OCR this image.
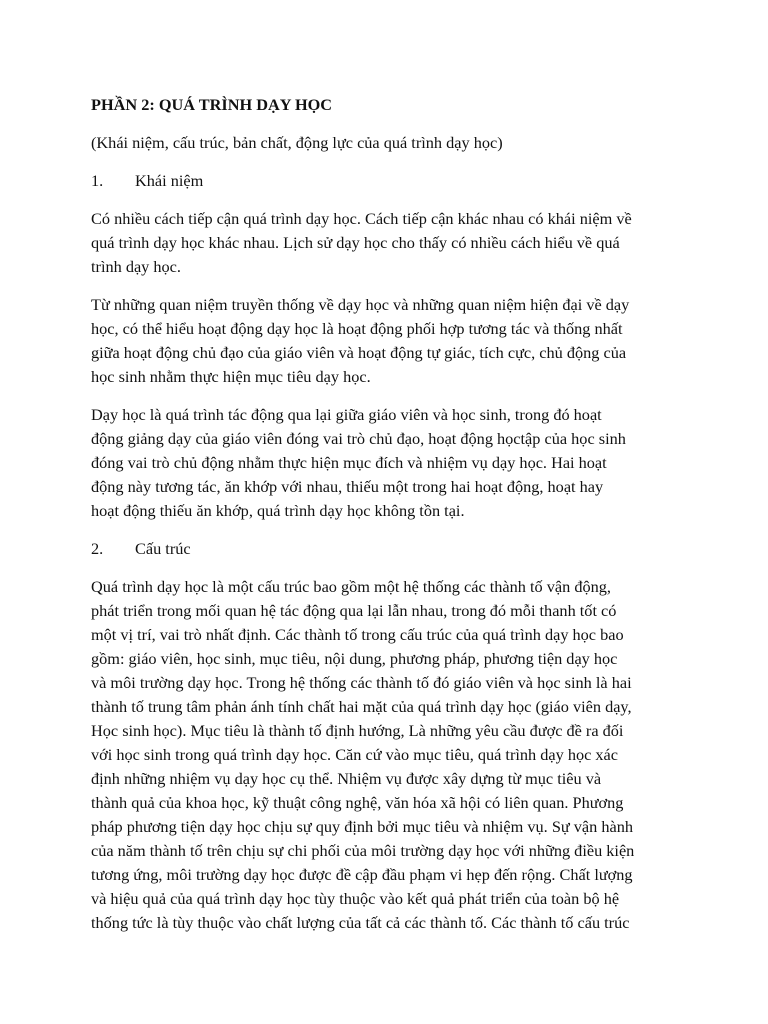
PHẦN 2: QUÁ TRÌNH DẠY HỌC
(Khái niệm, cấu trúc, bản chất, động lực của quá trình dạy học)
1.	Khái niệm
Có nhiều cách tiếp cận quá trình dạy học. Cách tiếp cận khác nhau có khái niệm về
quá trình dạy học khác nhau. Lịch sử dạy học cho thấy có nhiều cách hiểu về quá
trình dạy học.
Từ những quan niệm truyền thống về dạy học và những quan niệm hiện đại về dạy
học, có thể hiểu hoạt động dạy học là hoạt động phối hợp tương tác và thống nhất
giữa hoạt động chủ đạo của giáo viên và hoạt động tự giác, tích cực, chủ động của
học sinh nhằm thực hiện mục tiêu dạy học.
Dạy học là quá trình tác động qua lại giữa giáo viên và học sinh, trong đó hoạt
động giảng dạy của giáo viên đóng vai trò chủ đạo, hoạt động họctập của học sinh
đóng vai trò chủ động nhằm thực hiện mục đích và nhiệm vụ dạy học. Hai hoạt
động này tương tác, ăn khớp với nhau, thiếu một trong hai hoạt động, hoạt hay
hoạt động thiếu ăn khớp, quá trình dạy học không tồn tại.
2.	Cấu trúc
Quá trình dạy học là một cấu trúc bao gồm một hệ thống các thành tố vận động,
phát triển trong mối quan hệ tác động qua lại lẫn nhau, trong đó mỗi thanh tốt có
một vị trí, vai trò nhất định. Các thành tố trong cấu trúc của quá trình dạy học bao
gồm: giáo viên, học sinh, mục tiêu, nội dung, phương pháp, phương tiện dạy học
và môi trường dạy học. Trong hệ thống các thành tố đó giáo viên và học sinh là hai
thành tố trung tâm phản ánh tính chất hai mặt của quá trình dạy học (giáo viên dạy,
Học sinh học). Mục tiêu là thành tố định hướng, Là những yêu cầu được đề ra đối
với học sinh trong quá trình dạy học. Căn cứ vào mục tiêu, quá trình dạy học xác
định những nhiệm vụ dạy học cụ thể. Nhiệm vụ được xây dựng từ mục tiêu và
thành quả của khoa học, kỹ thuật công nghệ, văn hóa xã hội có liên quan. Phương
pháp phương tiện dạy học chịu sự quy định bởi mục tiêu và nhiệm vụ. Sự vận hành
của năm thành tố trên chịu sự chi phối của môi trường dạy học với những điều kiện
tương ứng, môi trường dạy học được đề cập đầu phạm vi hẹp đến rộng. Chất lượng
và hiệu quả của quá trình dạy học tùy thuộc vào kết quả phát triển của toàn bộ hệ
thống tức là tùy thuộc vào chất lượng của tất cả các thành tố. Các thành tố cấu trúc
